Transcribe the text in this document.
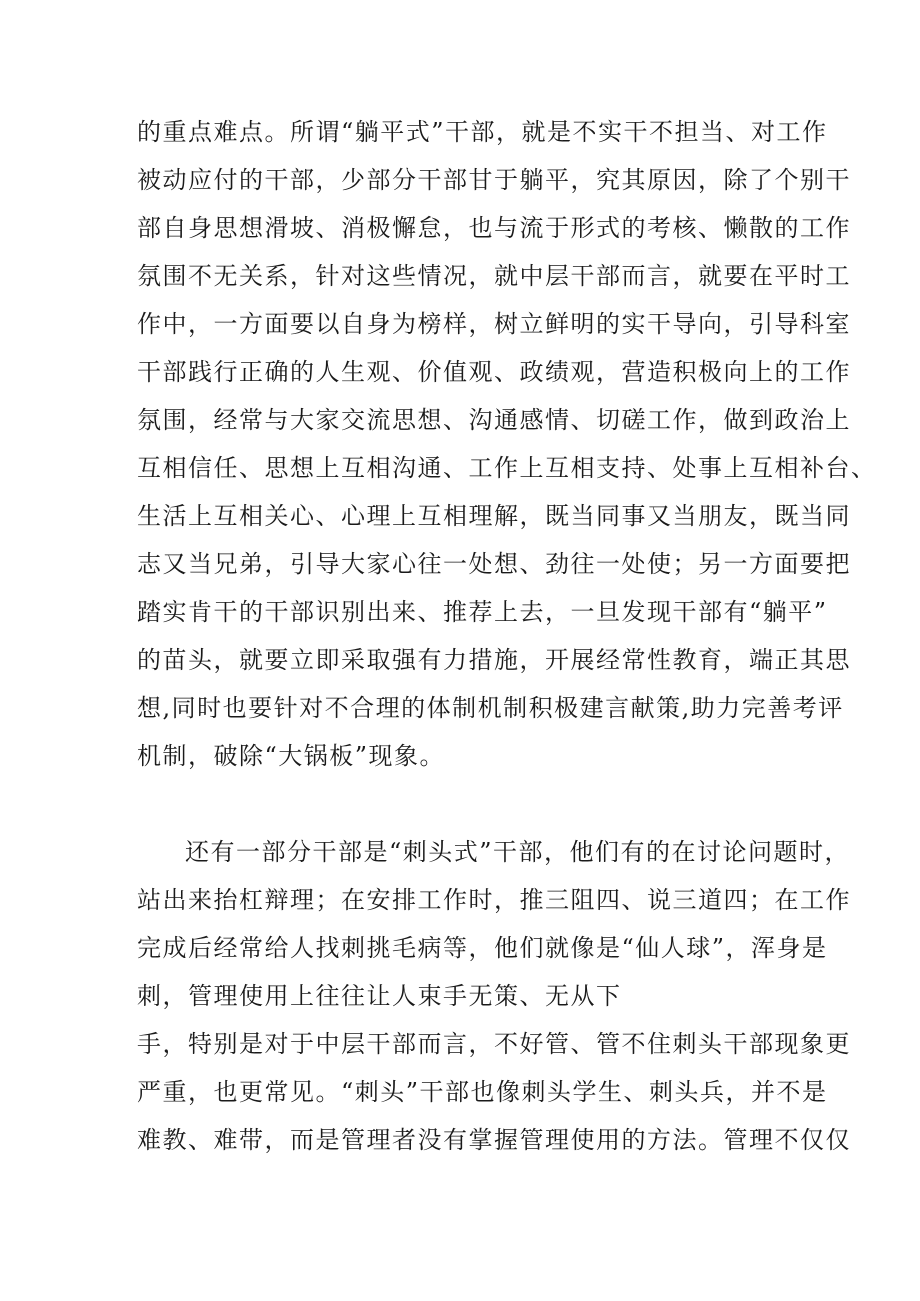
的重点难点。所谓“躺平式”干部，就是不实干不担当、对工作
被动应付的干部，少部分干部甘于躺平，究其原因，除了个别干
部自身思想滑坡、消极懈怠，也与流于形式的考核、懒散的工作
氛围不无关系，针对这些情况，就中层干部而言，就要在平时工
作中，一方面要以自身为榜样，树立鲜明的实干导向，引导科室
干部践行正确的人生观、价值观、政绩观，营造积极向上的工作
氛围，经常与大家交流思想、沟通感情、切磋工作，做到政治上
互相信任、思想上互相沟通、工作上互相支持、处事上互相补台、
生活上互相关心、心理上互相理解，既当同事又当朋友，既当同
志又当兄弟，引导大家心往一处想、劲往一处使；另一方面要把
踏实肯干的干部识别出来、推荐上去，一旦发现干部有“躺平”
的苗头，就要立即采取强有力措施，开展经常性教育，端正其思
想,同时也要针对不合理的体制机制积极建言献策,助力完善考评
机制，破除“大锅板”现象。
还有一部分干部是“刺头式”干部，他们有的在讨论问题时，
站出来抬杠辩理；在安排工作时，推三阻四、说三道四；在工作
完成后经常给人找刺挑毛病等，他们就像是“仙人球”，浑身是
刺，管理使用上往往让人束手无策、无从下
手，特别是对于中层干部而言，不好管、管不住刺头干部现象更
严重，也更常见。“刺头”干部也像刺头学生、刺头兵，并不是
难教、难带，而是管理者没有掌握管理使用的方法。管理不仅仅
